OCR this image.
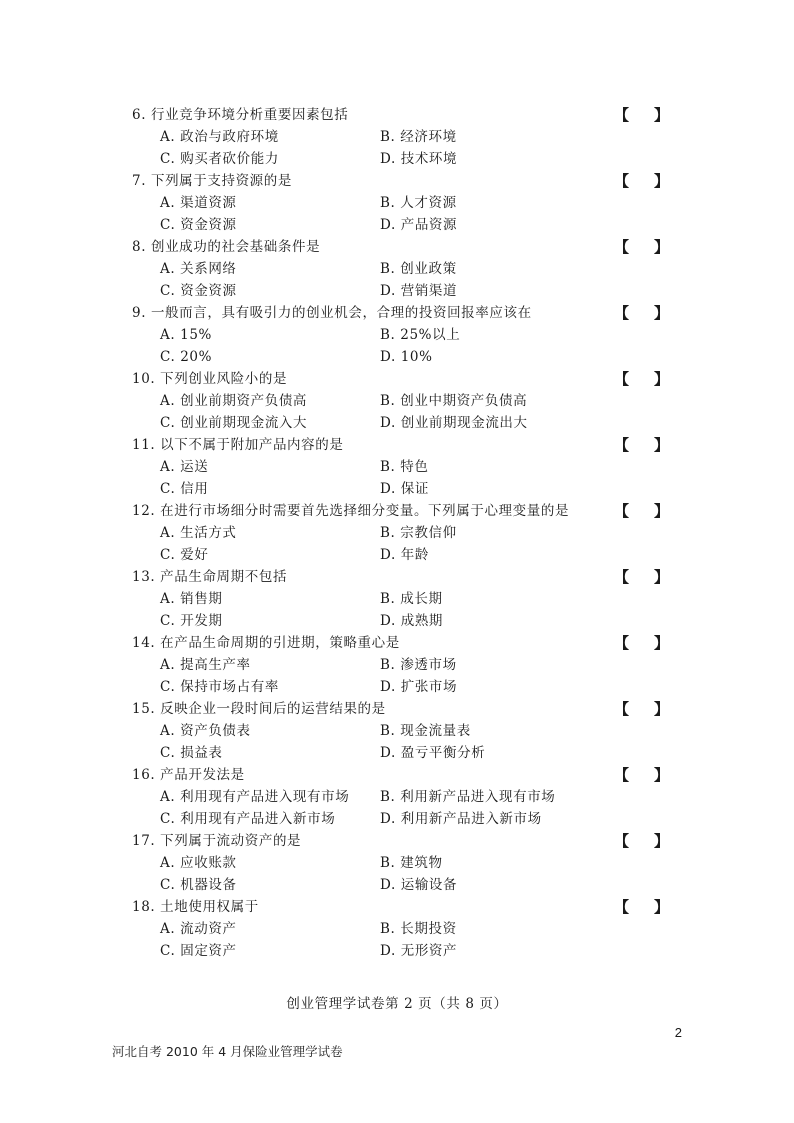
6. 行业竞争环境分析重要因素包括	【 】
A. 政治与政府环境	B. 经济环境
C. 购买者砍价能力	D. 技术环境
7. 下列属于支持资源的是	【 】
A. 渠道资源	B. 人才资源
C. 资金资源	D. 产品资源
8. 创业成功的社会基础条件是	【 】
A. 关系网络	B. 创业政策
C. 资金资源	D. 营销渠道
9. 一般而言，具有吸引力的创业机会，合理的投资回报率应该在	【 】
A. 15%	B. 25%以上
C. 20%	D. 10%
10. 下列创业风险小的是	【 】
A. 创业前期资产负债高	B. 创业中期资产负债高
C. 创业前期现金流入大	D. 创业前期现金流出大
11. 以下不属于附加产品内容的是	【 】
A. 运送	B. 特色
C. 信用	D. 保证
12. 在进行市场细分时需要首先选择细分变量。下列属于心理变量的是	【 】
A. 生活方式	B. 宗教信仰
C. 爱好	D. 年龄
13. 产品生命周期不包括	【 】
A. 销售期	B. 成长期
C. 开发期	D. 成熟期
14. 在产品生命周期的引进期，策略重心是	【 】
A. 提高生产率	B. 渗透市场
C. 保持市场占有率	D. 扩张市场
15. 反映企业一段时间后的运营结果的是	【 】
A. 资产负债表	B. 现金流量表
C. 损益表	D. 盈亏平衡分析
16. 产品开发法是	【 】
A. 利用现有产品进入现有市场 B. 利用新产品进入现有市场
C. 利用现有产品进入新市场	D. 利用新产品进入新市场
17. 下列属于流动资产的是	【 】
A. 应收账款	B. 建筑物
C. 机器设备	D. 运输设备
18. 土地使用权属于	【 】
A. 流动资产	B. 长期投资
C. 固定资产	D. 无形资产
创业管理学试卷第 2 页（共 8 页）
2
河北自考 2010 年 4 月保险业管理学试卷
